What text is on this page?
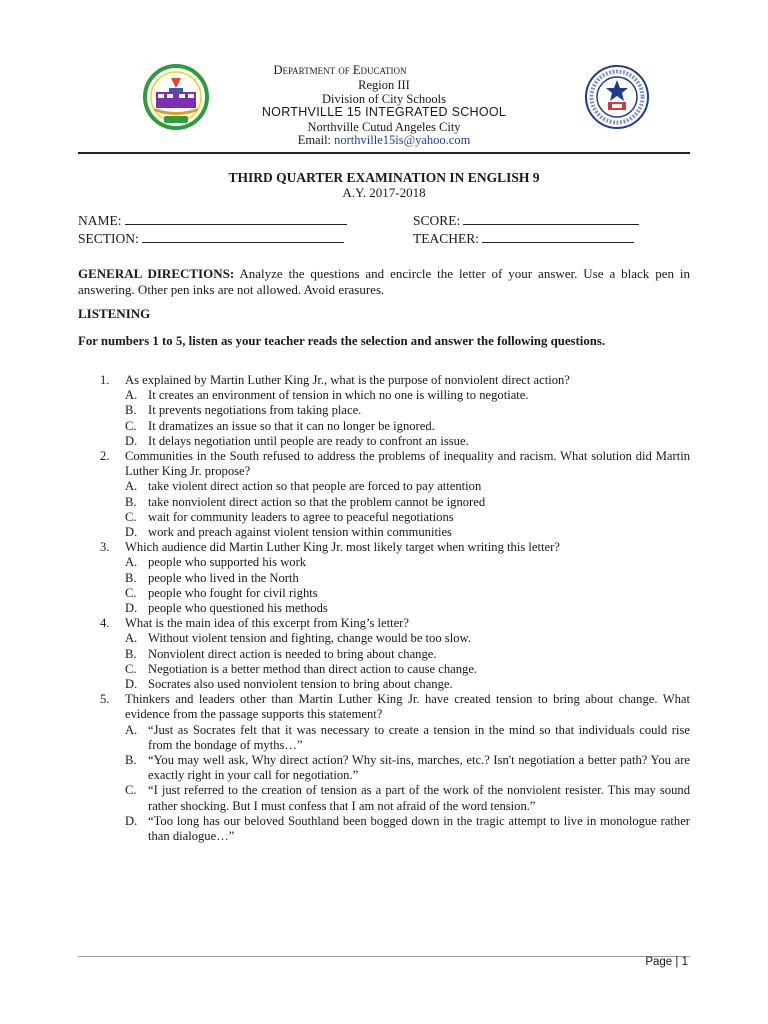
Department of Education
Region III
Division of City Schools
NORTHVILLE 15 INTEGRATED SCHOOL
Northville Cutud Angeles City
Email: northville15is@yahoo.com
THIRD QUARTER EXAMINATION IN ENGLISH 9
A.Y. 2017-2018
NAME:	SCORE:
SECTION:	TEACHER:
GENERAL DIRECTIONS: Analyze the questions and encircle the letter of your answer. Use a black pen in answering. Other pen inks are not allowed. Avoid erasures.
LISTENING
For numbers 1 to 5, listen as your teacher reads the selection and answer the following questions.
1. As explained by Martin Luther King Jr., what is the purpose of nonviolent direct action?
A. It creates an environment of tension in which no one is willing to negotiate.
B. It prevents negotiations from taking place.
C. It dramatizes an issue so that it can no longer be ignored.
D. It delays negotiation until people are ready to confront an issue.
2. Communities in the South refused to address the problems of inequality and racism. What solution did Martin Luther King Jr. propose?
A. take violent direct action so that people are forced to pay attention
B. take nonviolent direct action so that the problem cannot be ignored
C. wait for community leaders to agree to peaceful negotiations
D. work and preach against violent tension within communities
3. Which audience did Martin Luther King Jr. most likely target when writing this letter?
A. people who supported his work
B. people who lived in the North
C. people who fought for civil rights
D. people who questioned his methods
4. What is the main idea of this excerpt from King’s letter?
A. Without violent tension and fighting, change would be too slow.
B. Nonviolent direct action is needed to bring about change.
C. Negotiation is a better method than direct action to cause change.
D. Socrates also used nonviolent tension to bring about change.
5. Thinkers and leaders other than Martin Luther King Jr. have created tension to bring about change. What evidence from the passage supports this statement?
A. “Just as Socrates felt that it was necessary to create a tension in the mind so that individuals could rise from the bondage of myths…”
B. “You may well ask, Why direct action? Why sit-ins, marches, etc.? Isn't negotiation a better path? You are exactly right in your call for negotiation.”
C. “I just referred to the creation of tension as a part of the work of the nonviolent resister. This may sound rather shocking. But I must confess that I am not afraid of the word tension.”
D. “Too long has our beloved Southland been bogged down in the tragic attempt to live in monologue rather than dialogue…”
Page | 1
